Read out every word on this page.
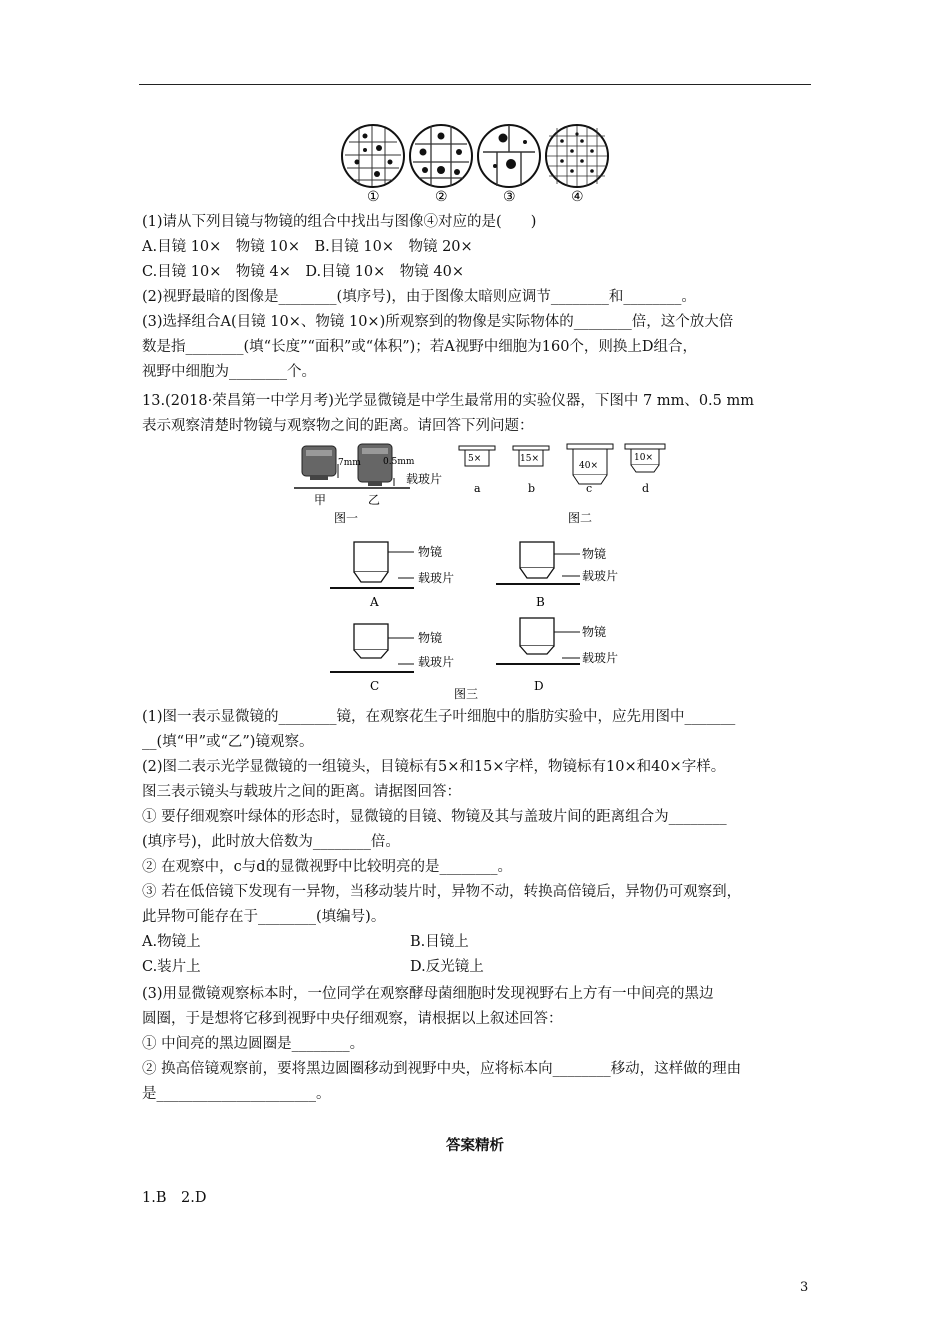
①	②	③	④
(1)请从下列目镜与物镜的组合中找出与图像④对应的是(　　)
A.目镜 10×　物镜 10×　B.目镜 10×　物镜 20×
C.目镜 10×　物镜 4×　D.目镜 10×　物镜 40×
(2)视野最暗的图像是________(填序号)，由于图像太暗则应调节________和________。
(3)选择组合A(目镜 10×、物镜 10×)所观察到的物像是实际物体的________倍，这个放大倍
数是指________(填“长度”“面积”或“体积”)；若A视野中细胞为160个，则换上D组合，
视野中细胞为________个。
13.(2018·荣昌第一中学月考)光学显微镜是中学生最常用的实验仪器，下图中 7 mm、0.5 mm
表示观察清楚时物镜与观察物之间的距离。请回答下列问题：
7mm 0.5mm
载玻片
甲	乙
图一
5×	15×
40×
10×
a	b	c	d
图二
物镜
载玻片
A
物镜
载玻片
B
物镜
载玻片
C
物镜
载玻片
D
图三
(1)图一表示显微镜的________镜，在观察花生子叶细胞中的脂肪实验中，应先用图中_______
__(填“甲”或“乙”)镜观察。
(2)图二表示光学显微镜的一组镜头，目镜标有5×和15×字样，物镜标有10×和40×字样。
图三表示镜头与载玻片之间的距离。请据图回答：
① 要仔细观察叶绿体的形态时，显微镜的目镜、物镜及其与盖玻片间的距离组合为________
(填序号)，此时放大倍数为________倍。
② 在观察中，c与d的显微视野中比较明亮的是________。
③ 若在低倍镜下发现有一异物，当移动装片时，异物不动，转换高倍镜后，异物仍可观察到，
此异物可能存在于________(填编号)。
A.物镜上	B.目镜上
C.装片上	D.反光镜上
(3)用显微镜观察标本时，一位同学在观察酵母菌细胞时发现视野右上方有一中间亮的黑边
圆圈，于是想将它移到视野中央仔细观察，请根据以上叙述回答：
① 中间亮的黑边圆圈是________。
② 换高倍镜观察前，要将黑边圆圈移动到视野中央，应将标本向________移动，这样做的理由
是______________________。
答案精析
1.B　2.D
3
